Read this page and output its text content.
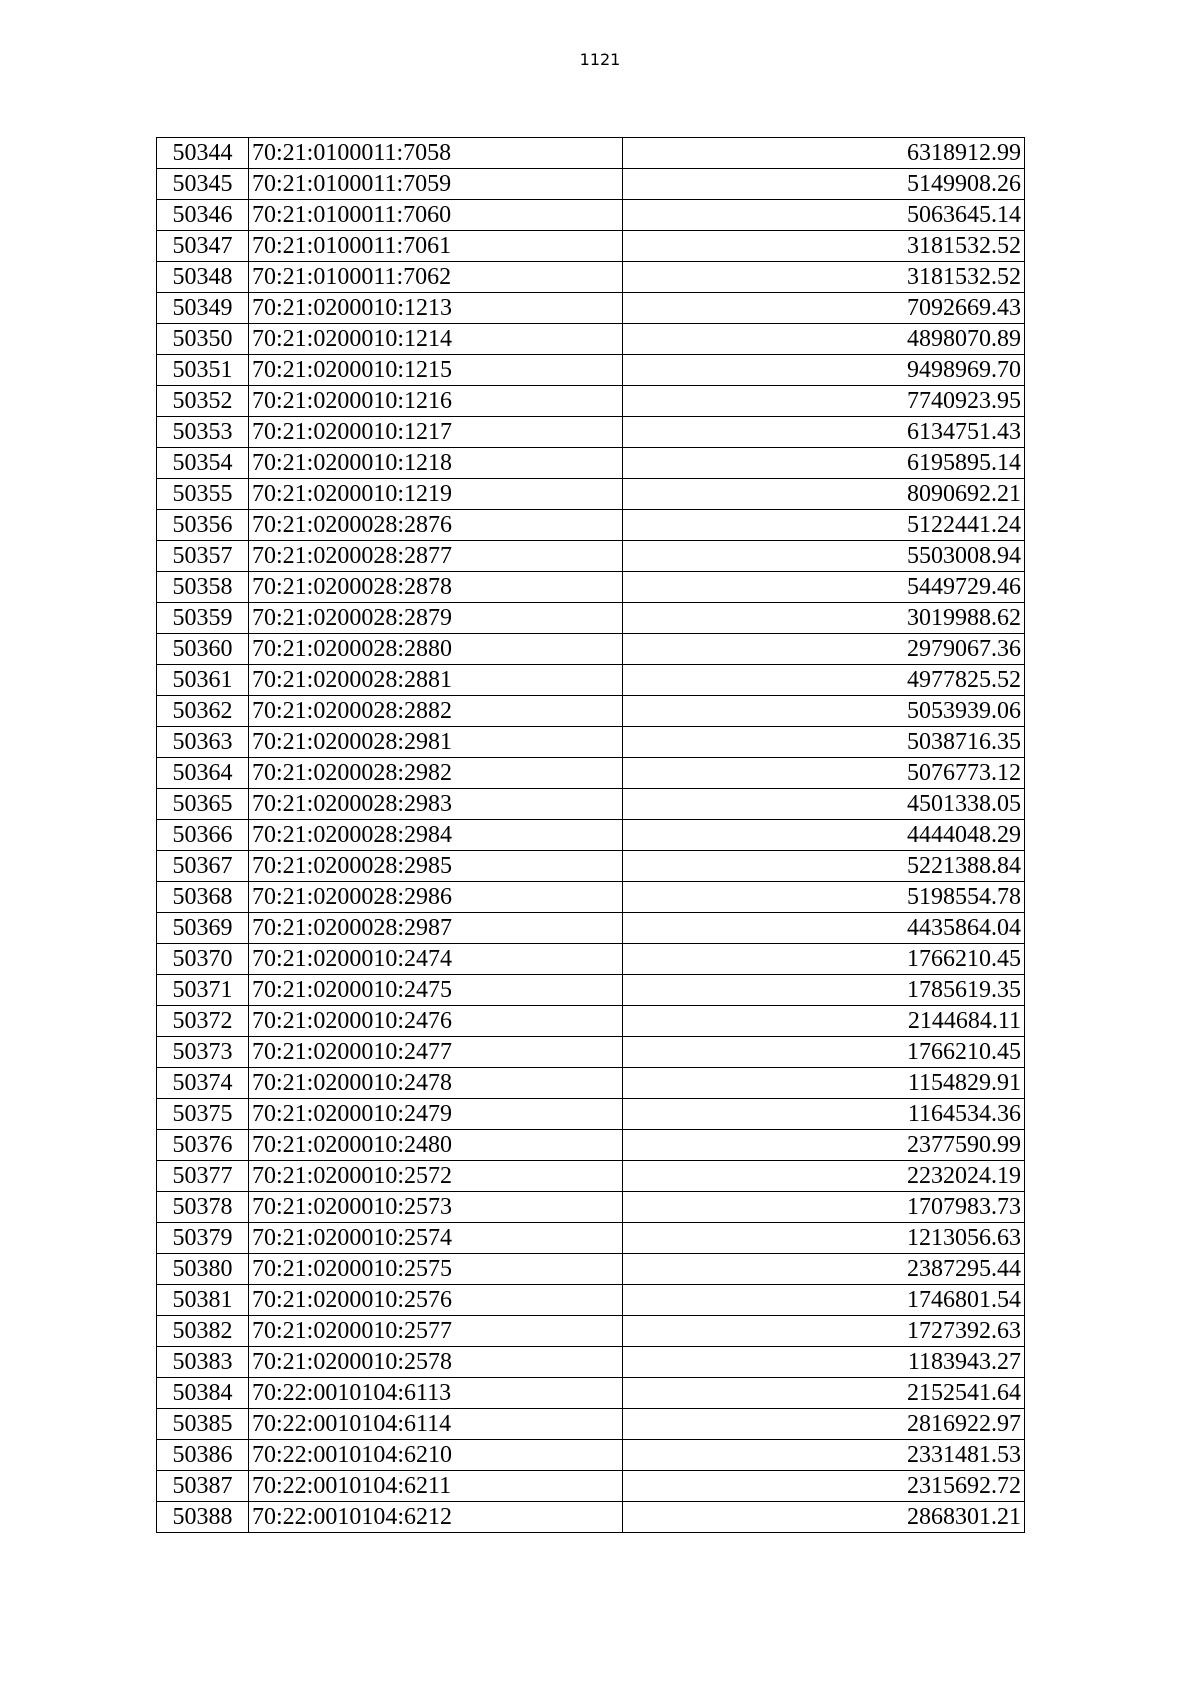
1121
50344	70:21:0100011:7058	6318912.99
50345	70:21:0100011:7059	5149908.26
50346	70:21:0100011:7060	5063645.14
50347	70:21:0100011:7061	3181532.52
50348	70:21:0100011:7062	3181532.52
50349	70:21:0200010:1213	7092669.43
50350	70:21:0200010:1214	4898070.89
50351	70:21:0200010:1215	9498969.70
50352	70:21:0200010:1216	7740923.95
50353	70:21:0200010:1217	6134751.43
50354	70:21:0200010:1218	6195895.14
50355	70:21:0200010:1219	8090692.21
50356	70:21:0200028:2876	5122441.24
50357	70:21:0200028:2877	5503008.94
50358	70:21:0200028:2878	5449729.46
50359	70:21:0200028:2879	3019988.62
50360	70:21:0200028:2880	2979067.36
50361	70:21:0200028:2881	4977825.52
50362	70:21:0200028:2882	5053939.06
50363	70:21:0200028:2981	5038716.35
50364	70:21:0200028:2982	5076773.12
50365	70:21:0200028:2983	4501338.05
50366	70:21:0200028:2984	4444048.29
50367	70:21:0200028:2985	5221388.84
50368	70:21:0200028:2986	5198554.78
50369	70:21:0200028:2987	4435864.04
50370	70:21:0200010:2474	1766210.45
50371	70:21:0200010:2475	1785619.35
50372	70:21:0200010:2476	2144684.11
50373	70:21:0200010:2477	1766210.45
50374	70:21:0200010:2478	1154829.91
50375	70:21:0200010:2479	1164534.36
50376	70:21:0200010:2480	2377590.99
50377	70:21:0200010:2572	2232024.19
50378	70:21:0200010:2573	1707983.73
50379	70:21:0200010:2574	1213056.63
50380	70:21:0200010:2575	2387295.44
50381	70:21:0200010:2576	1746801.54
50382	70:21:0200010:2577	1727392.63
50383	70:21:0200010:2578	1183943.27
50384	70:22:0010104:6113	2152541.64
50385	70:22:0010104:6114	2816922.97
50386	70:22:0010104:6210	2331481.53
50387	70:22:0010104:6211	2315692.72
50388	70:22:0010104:6212	2868301.21
